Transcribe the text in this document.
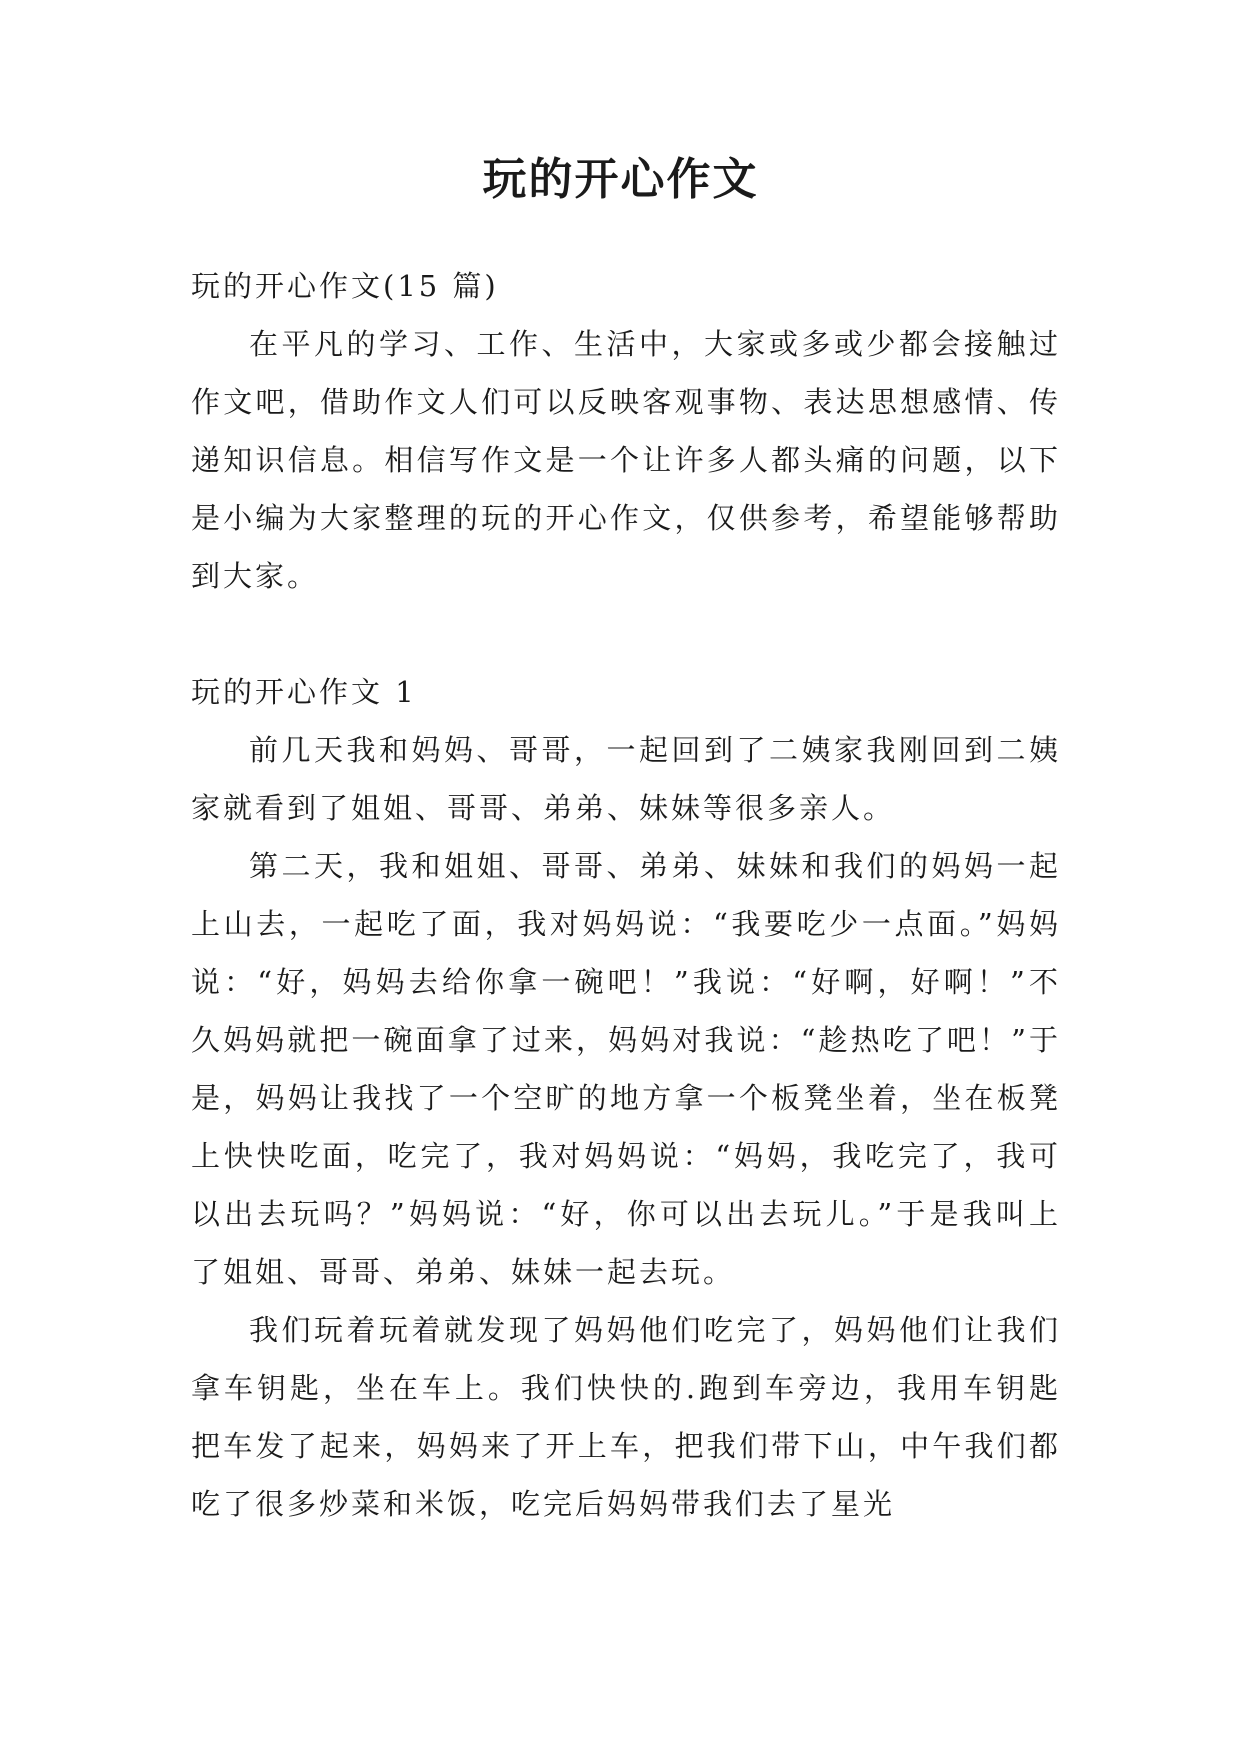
玩的开心作文

玩的开心作文(15 篇)

在平凡的学习、工作、生活中，大家或多或少都会接触过作文吧，借助作文人们可以反映客观事物、表达思想感情、传递知识信息。相信写作文是一个让许多人都头痛的问题，以下是小编为大家整理的玩的开心作文，仅供参考，希望能够帮助到大家。

玩的开心作文 1

前几天我和妈妈、哥哥，一起回到了二姨家我刚回到二姨家就看到了姐姐、哥哥、弟弟、妹妹等很多亲人。

第二天，我和姐姐、哥哥、弟弟、妹妹和我们的妈妈一起上山去，一起吃了面，我对妈妈说：“我要吃少一点面。”妈妈说：“好，妈妈去给你拿一碗吧！”我说：“好啊，好啊！”不久妈妈就把一碗面拿了过来，妈妈对我说：“趁热吃了吧！”于是，妈妈让我找了一个空旷的地方拿一个板凳坐着，坐在板凳上快快吃面，吃完了，我对妈妈说：“妈妈，我吃完了，我可以出去玩吗？”妈妈说：“好，你可以出去玩儿。”于是我叫上了姐姐、哥哥、弟弟、妹妹一起去玩。

我们玩着玩着就发现了妈妈他们吃完了，妈妈他们让我们拿车钥匙，坐在车上。我们快快的.跑到车旁边，我用车钥匙把车发了起来，妈妈来了开上车，把我们带下山，中午我们都吃了很多炒菜和米饭，吃完后妈妈带我们去了星光
